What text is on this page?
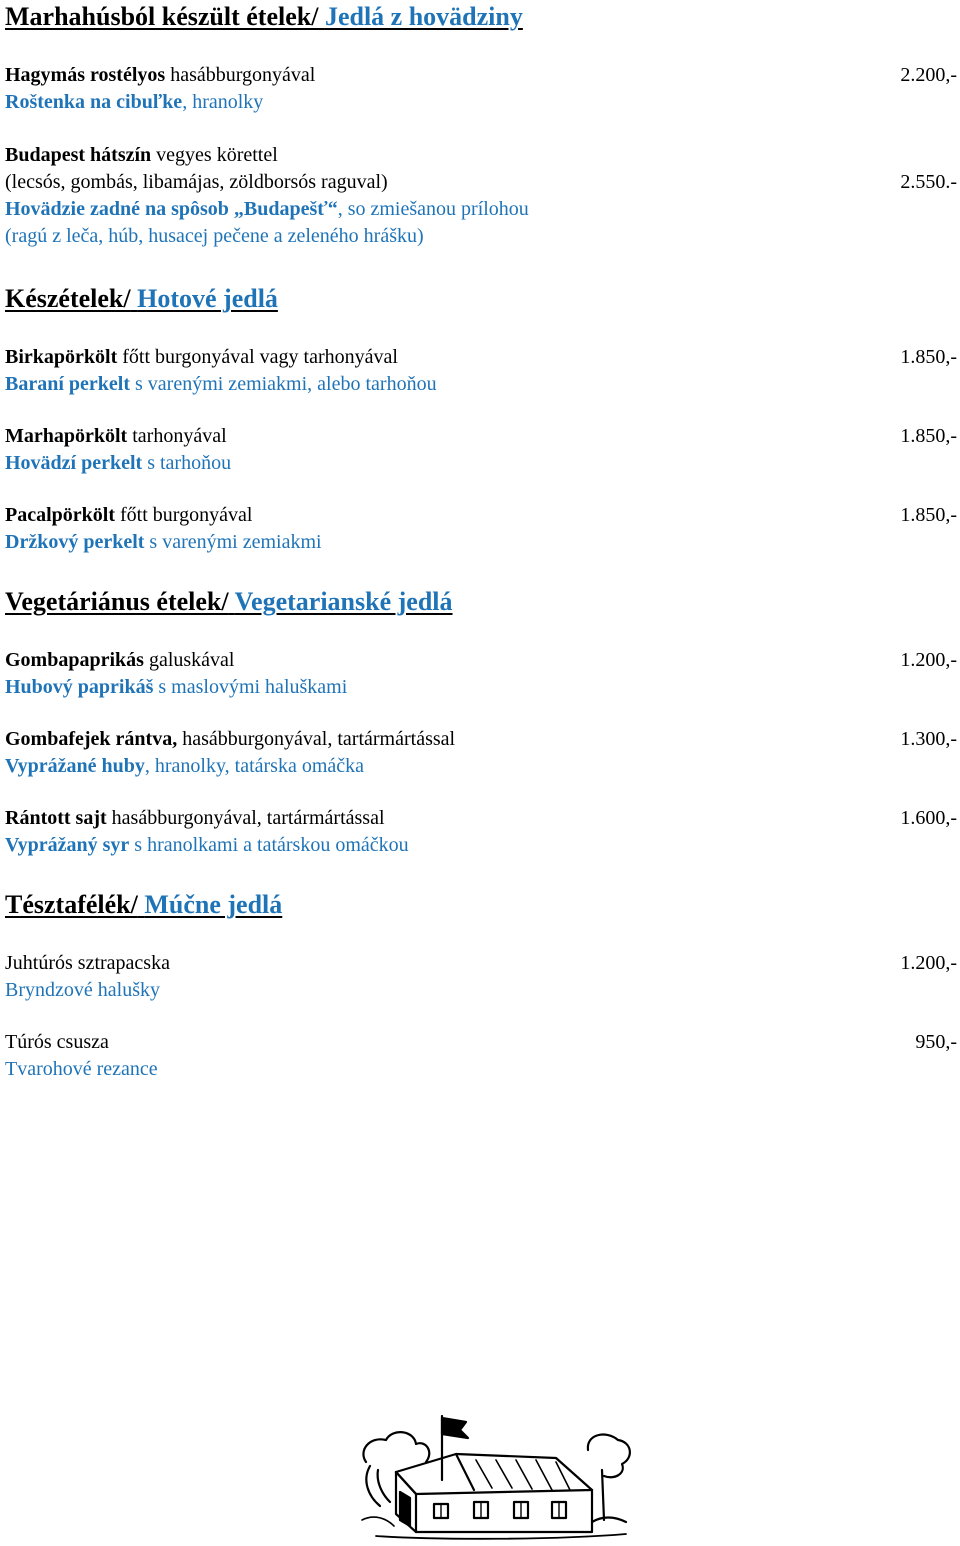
Marhahúsból készült ételek/ Jedlá z hovädziny
Hagymás rostélyos hasábburgonyával	2.200,-
Roštenka na cibuľke, hranolky
Budapest hátszín vegyes körettel
(lecsós, gombás, libamájas, zöldborsós raguval)	2.550.-
Hovädzie zadné na spôsob „Budapešť“, so zmiešanou prílohou
(ragú z leča, húb, husacej pečene a zeleného hrášku)
Készételek/ Hotové jedlá
Birkapörkölt főtt burgonyával vagy tarhonyával	1.850,-
Baraní perkelt s varenými zemiakmi, alebo tarhoňou
Marhapörkölt tarhonyával	1.850,-
Hovädzí perkelt s tarhoňou
Pacalpörkölt főtt burgonyával	1.850,-
Držkový perkelt s varenými zemiakmi
Vegetáriánus ételek/ Vegetarianské jedlá
Gombapaprikás galuskával	1.200,-
Hubový paprikáš s maslovými haluškami
Gombafejek rántva, hasábburgonyával, tartármártással	1.300,-
Vyprážané huby, hranolky, tatárska omáčka
Rántott sajt hasábburgonyával, tartármártással	1.600,-
Vyprážaný syr s hranolkami a tatárskou omáčkou
Tésztafélék/ Múčne jedlá
Juhtúrós sztrapacska	1.200,-
Bryndzové halušky
Túrós csusza	950,-
Tvarohové rezance
